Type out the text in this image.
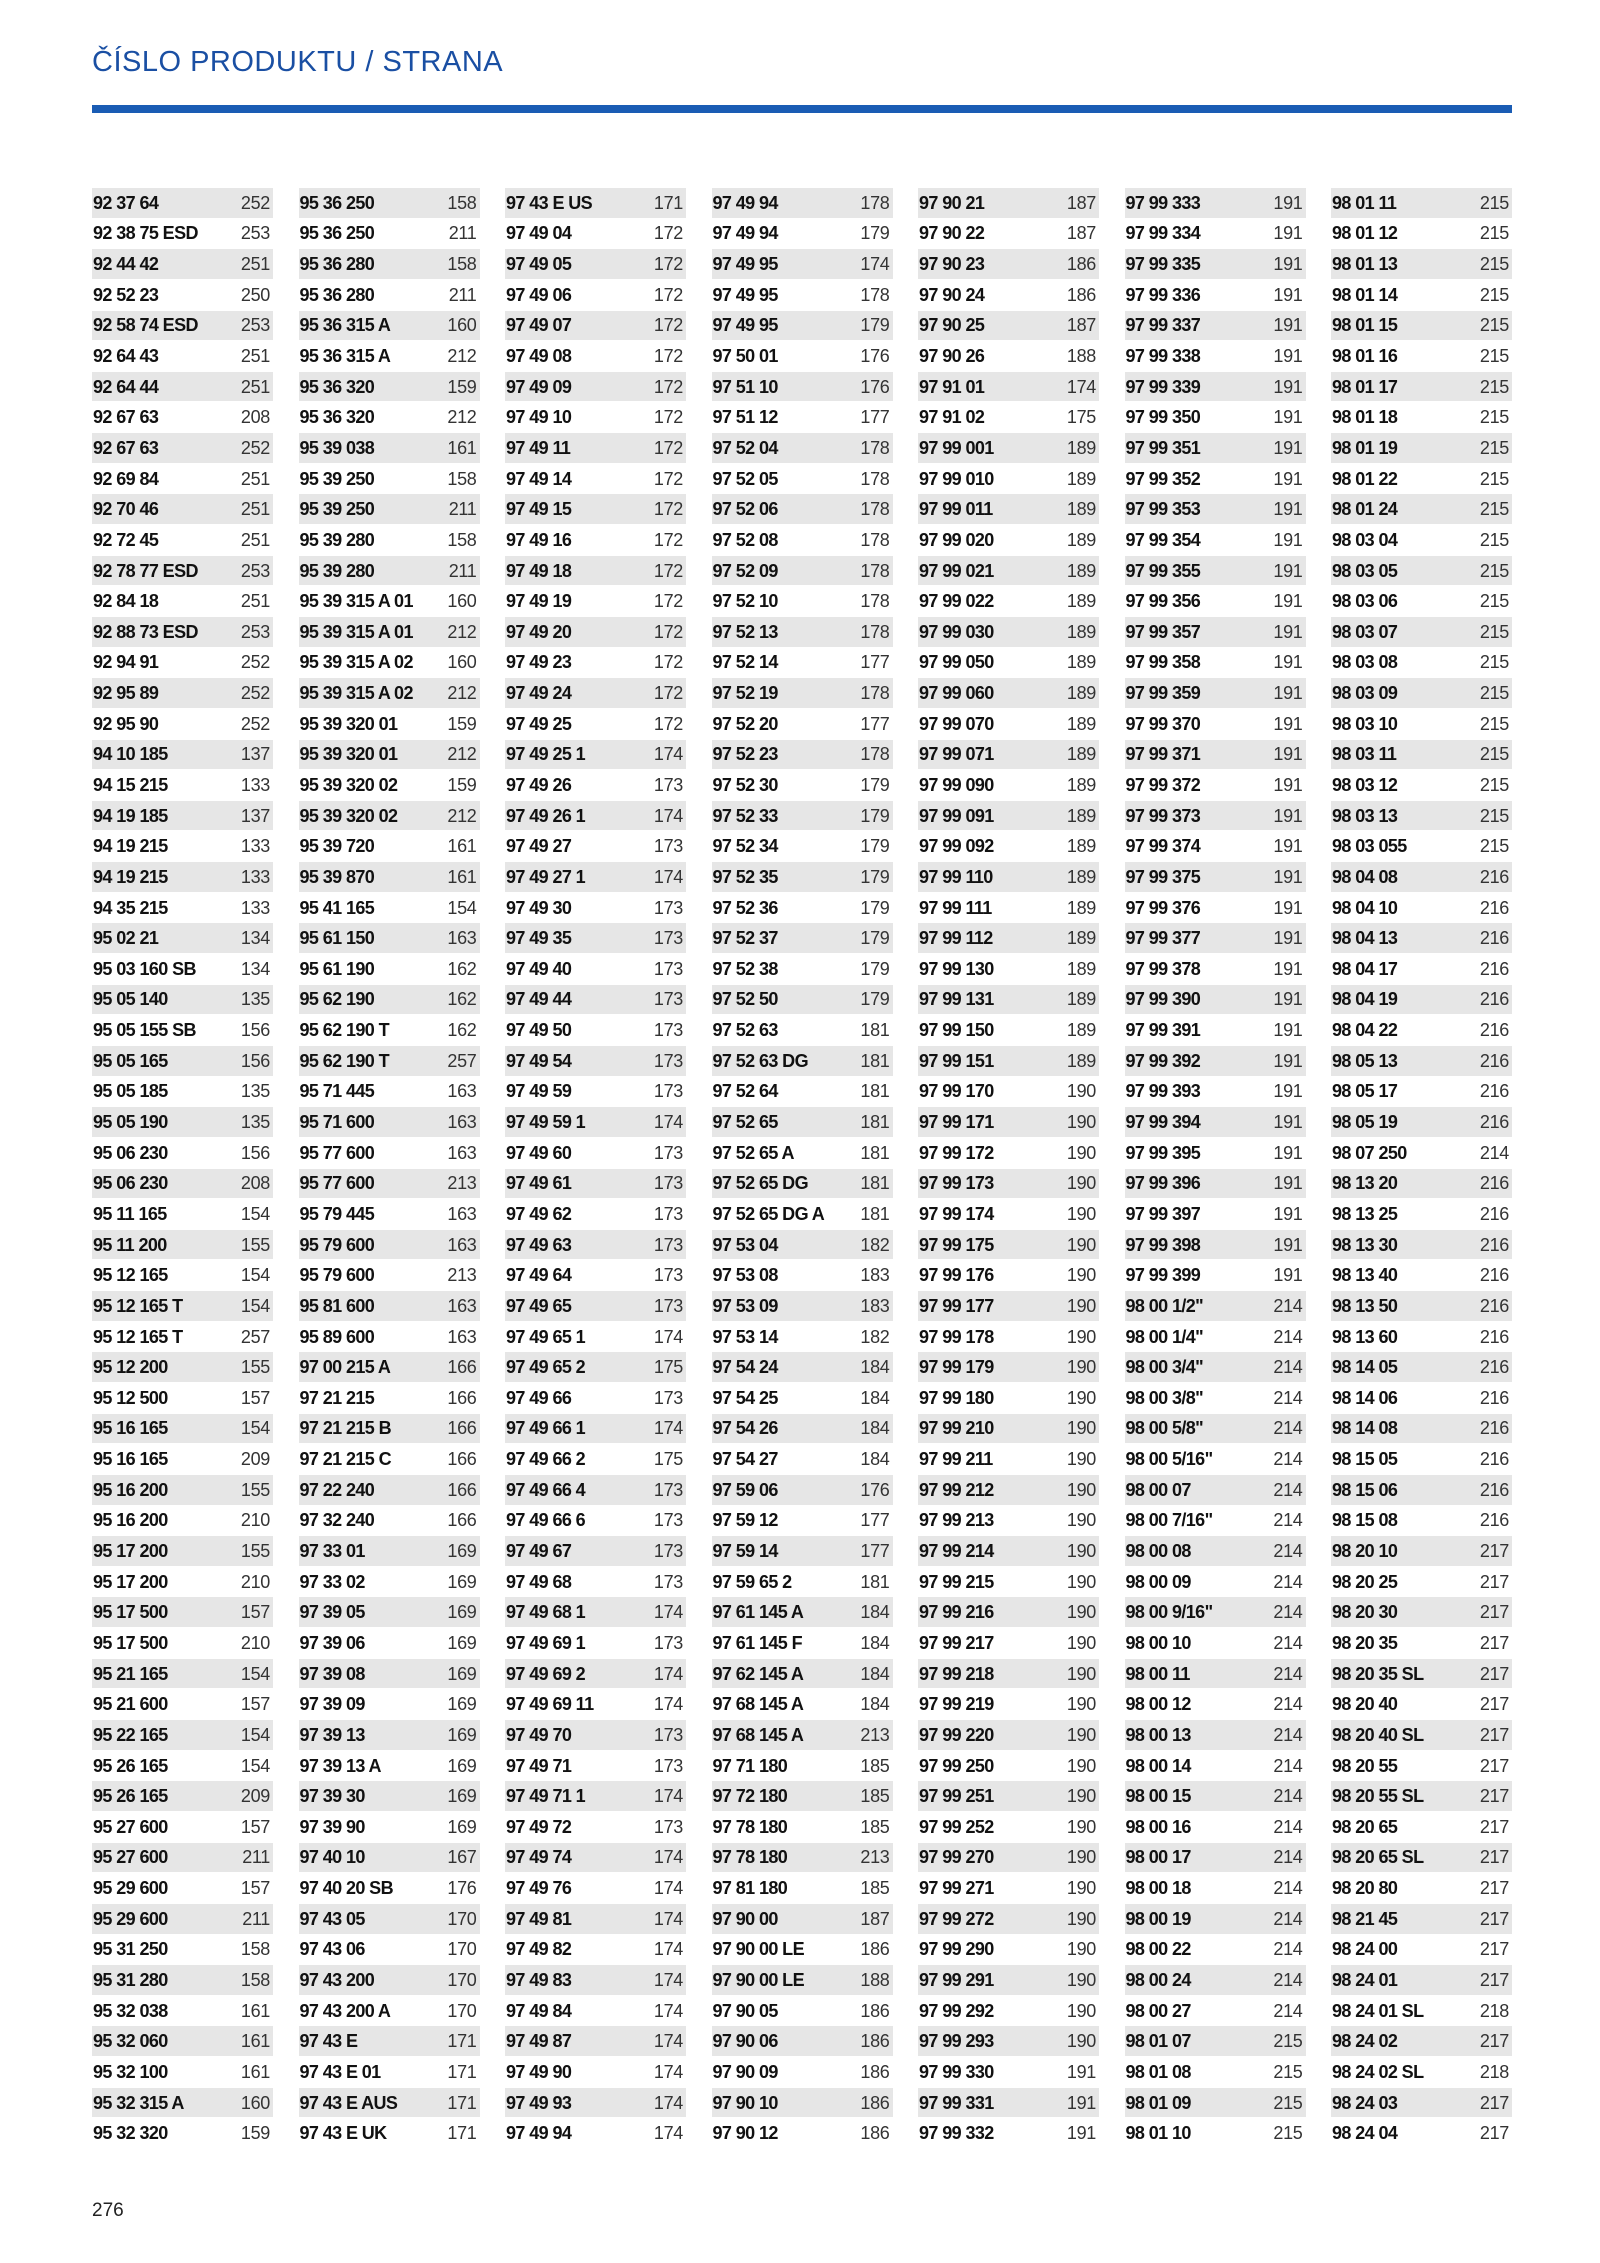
ČÍSLO PRODUKTU / STRANA
92 37 64	252
92 38 75 ESD 253
92 44 42	251
92 52 23	250
92 58 74 ESD 253
92 64 43	251
92 64 44	251
92 67 63	208
92 67 63	252
92 69 84	251
92 70 46	251
92 72 45	251
92 78 77 ESD 253
92 84 18	251
92 88 73 ESD 253
92 94 91	252
92 95 89	252
92 95 90	252
94 10 185	137
94 15 215	133
94 19 185	137
94 19 215	133
94 19 215	133
94 35 215	133
95 02 21	134
95 03 160 SB 134
95 05 140	135
95 05 155 SB 156
95 05 165	156
95 05 185	135
95 05 190	135
95 06 230	156
95 06 230	208
95 11 165	154
95 11 200	155
95 12 165	154
95 12 165 T	154
95 12 165 T	257
95 12 200	155
95 12 500	157
95 16 165	154
95 16 165	209
95 16 200	155
95 16 200	210
95 17 200	155
95 17 200	210
95 17 500	157
95 17 500	210
95 21 165	154
95 21 600	157
95 22 165	154
95 26 165	154
95 26 165	209
95 27 600	157
95 27 600	211
95 29 600	157
95 29 600	211
95 31 250	158
95 31 280	158
95 32 038	161
95 32 060	161
95 32 100	161
95 32 315 A	160
95 32 320	159
95 36 250	158
95 36 250	211
95 36 280	158
95 36 280	211
95 36 315 A	160
95 36 315 A	212
95 36 320	159
95 36 320	212
95 39 038	161
95 39 250	158
95 39 250	211
95 39 280	158
95 39 280	211
95 39 315 A 01 160
95 39 315 A 01 212
95 39 315 A 02 160
95 39 315 A 02 212
95 39 320 01	159
95 39 320 01	212
95 39 320 02	159
95 39 320 02	212
95 39 720	161
95 39 870	161
95 41 165	154
95 61 150	163
95 61 190	162
95 62 190	162
95 62 190 T	162
95 62 190 T	257
95 71 445	163
95 71 600	163
95 77 600	163
95 77 600	213
95 79 445	163
95 79 600	163
95 79 600	213
95 81 600	163
95 89 600	163
97 00 215 A	166
97 21 215	166
97 21 215 B	166
97 21 215 C	166
97 22 240	166
97 32 240	166
97 33 01	169
97 33 02	169
97 39 05	169
97 39 06	169
97 39 08	169
97 39 09	169
97 39 13	169
97 39 13 A	169
97 39 30	169
97 39 90	169
97 40 10	167
97 40 20 SB	176
97 43 05	170
97 43 06	170
97 43 200	170
97 43 200 A	170
97 43 E	171
97 43 E 01	171
97 43 E AUS	171
97 43 E UK	171
97 43 E US	171
97 49 04	172
97 49 05	172
97 49 06	172
97 49 07	172
97 49 08	172
97 49 09	172
97 49 10	172
97 49 11	172
97 49 14	172
97 49 15	172
97 49 16	172
97 49 18	172
97 49 19	172
97 49 20	172
97 49 23	172
97 49 24	172
97 49 25	172
97 49 25 1	174
97 49 26	173
97 49 26 1	174
97 49 27	173
97 49 27 1	174
97 49 30	173
97 49 35	173
97 49 40	173
97 49 44	173
97 49 50	173
97 49 54	173
97 49 59	173
97 49 59 1	174
97 49 60	173
97 49 61	173
97 49 62	173
97 49 63	173
97 49 64	173
97 49 65	173
97 49 65 1	174
97 49 65 2	175
97 49 66	173
97 49 66 1	174
97 49 66 2	175
97 49 66 4	173
97 49 66 6	173
97 49 67	173
97 49 68	173
97 49 68 1	174
97 49 69 1	173
97 49 69 2	174
97 49 69 11	174
97 49 70	173
97 49 71	173
97 49 71 1	174
97 49 72	173
97 49 74	174
97 49 76	174
97 49 81	174
97 49 82	174
97 49 83	174
97 49 84	174
97 49 87	174
97 49 90	174
97 49 93	174
97 49 94	174
97 49 94	178
97 49 94	179
97 49 95	174
97 49 95	178
97 49 95	179
97 50 01	176
97 51 10	176
97 51 12	177
97 52 04	178
97 52 05	178
97 52 06	178
97 52 08	178
97 52 09	178
97 52 10	178
97 52 13	178
97 52 14	177
97 52 19	178
97 52 20	177
97 52 23	178
97 52 30	179
97 52 33	179
97 52 34	179
97 52 35	179
97 52 36	179
97 52 37	179
97 52 38	179
97 52 50	179
97 52 63	181
97 52 63 DG	181
97 52 64	181
97 52 65	181
97 52 65 A	181
97 52 65 DG	181
97 52 65 DG A 181
97 53 04	182
97 53 08	183
97 53 09	183
97 53 14	182
97 54 24	184
97 54 25	184
97 54 26	184
97 54 27	184
97 59 06	176
97 59 12	177
97 59 14	177
97 59 65 2	181
97 61 145 A	184
97 61 145 F	184
97 62 145 A	184
97 68 145 A	184
97 68 145 A	213
97 71 180	185
97 72 180	185
97 78 180	185
97 78 180	213
97 81 180	185
97 90 00	187
97 90 00 LE	186
97 90 00 LE	188
97 90 05	186
97 90 06	186
97 90 09	186
97 90 10	186
97 90 12	186
97 90 21	187
97 90 22	187
97 90 23	186
97 90 24	186
97 90 25	187
97 90 26	188
97 91 01	174
97 91 02	175
97 99 001	189
97 99 010	189
97 99 011	189
97 99 020	189
97 99 021	189
97 99 022	189
97 99 030	189
97 99 050	189
97 99 060	189
97 99 070	189
97 99 071	189
97 99 090	189
97 99 091	189
97 99 092	189
97 99 110	189
97 99 111	189
97 99 112	189
97 99 130	189
97 99 131	189
97 99 150	189
97 99 151	189
97 99 170	190
97 99 171	190
97 99 172	190
97 99 173	190
97 99 174	190
97 99 175	190
97 99 176	190
97 99 177	190
97 99 178	190
97 99 179	190
97 99 180	190
97 99 210	190
97 99 211	190
97 99 212	190
97 99 213	190
97 99 214	190
97 99 215	190
97 99 216	190
97 99 217	190
97 99 218	190
97 99 219	190
97 99 220	190
97 99 250	190
97 99 251	190
97 99 252	190
97 99 270	190
97 99 271	190
97 99 272	190
97 99 290	190
97 99 291	190
97 99 292	190
97 99 293	190
97 99 330	191
97 99 331	191
97 99 332	191
97 99 333	191
97 99 334	191
97 99 335	191
97 99 336	191
97 99 337	191
97 99 338	191
97 99 339	191
97 99 350	191
97 99 351	191
97 99 352	191
97 99 353	191
97 99 354	191
97 99 355	191
97 99 356	191
97 99 357	191
97 99 358	191
97 99 359	191
97 99 370	191
97 99 371	191
97 99 372	191
97 99 373	191
97 99 374	191
97 99 375	191
97 99 376	191
97 99 377	191
97 99 378	191
97 99 390	191
97 99 391	191
97 99 392	191
97 99 393	191
97 99 394	191
97 99 395	191
97 99 396	191
97 99 397	191
97 99 398	191
97 99 399	191
98 00 1/2"	214
98 00 1/4"	214
98 00 3/4"	214
98 00 3/8"	214
98 00 5/8"	214
98 00 5/16"	214
98 00 07	214
98 00 7/16"	214
98 00 08	214
98 00 09	214
98 00 9/16"	214
98 00 10	214
98 00 11	214
98 00 12	214
98 00 13	214
98 00 14	214
98 00 15	214
98 00 16	214
98 00 17	214
98 00 18	214
98 00 19	214
98 00 22	214
98 00 24	214
98 00 27	214
98 01 07	215
98 01 08	215
98 01 09	215
98 01 10	215
98 01 11	215
98 01 12	215
98 01 13	215
98 01 14	215
98 01 15	215
98 01 16	215
98 01 17	215
98 01 18	215
98 01 19	215
98 01 22	215
98 01 24	215
98 03 04	215
98 03 05	215
98 03 06	215
98 03 07	215
98 03 08	215
98 03 09	215
98 03 10	215
98 03 11	215
98 03 12	215
98 03 13	215
98 03 055	215
98 04 08	216
98 04 10	216
98 04 13	216
98 04 17	216
98 04 19	216
98 04 22	216
98 05 13	216
98 05 17	216
98 05 19	216
98 07 250	214
98 13 20	216
98 13 25	216
98 13 30	216
98 13 40	216
98 13 50	216
98 13 60	216
98 14 05	216
98 14 06	216
98 14 08	216
98 15 05	216
98 15 06	216
98 15 08	216
98 20 10	217
98 20 25	217
98 20 30	217
98 20 35	217
98 20 35 SL	217
98 20 40	217
98 20 40 SL	217
98 20 55	217
98 20 55 SL	217
98 20 65	217
98 20 65 SL	217
98 20 80	217
98 21 45	217
98 24 00	217
98 24 01	217
98 24 01 SL	218
98 24 02	217
98 24 02 SL	218
98 24 03	217
98 24 04	217
276
